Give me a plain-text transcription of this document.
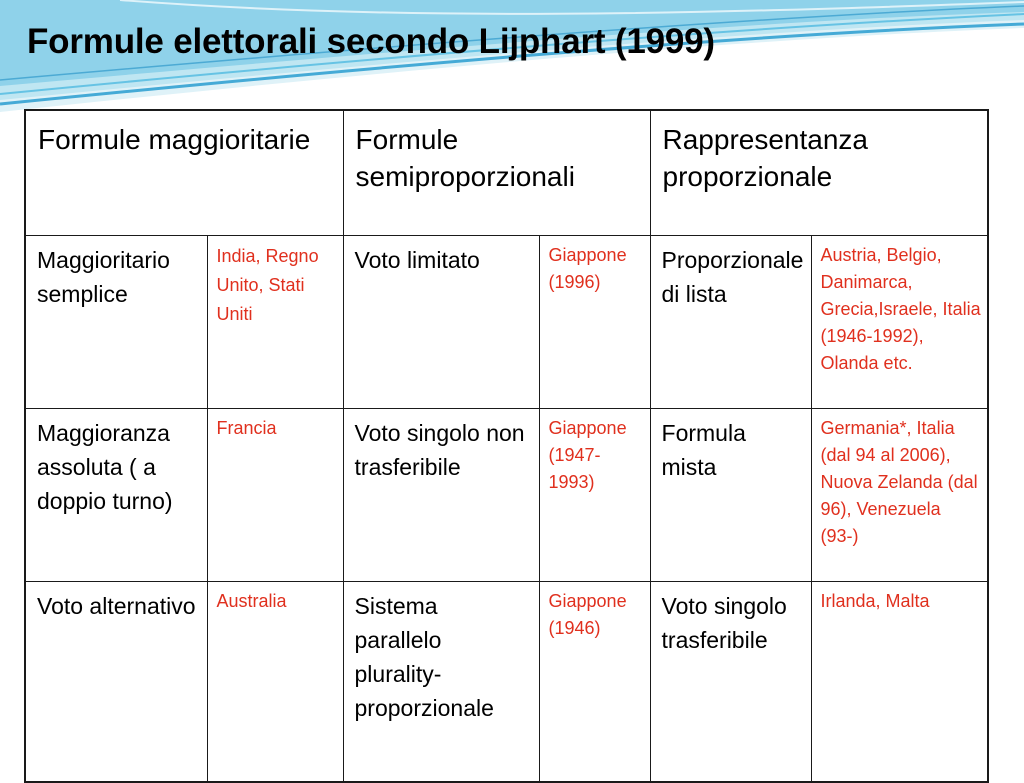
Formule elettorali secondo Lijphart (1999)
Formule maggioritarie		Formule semiproporzionali		Rappresentanza proporzionale	
Maggioritario semplice	India, Regno Unito, Stati Uniti	Voto limitato	Giappone (1996)	Proporzionale di lista	Austria, Belgio, Danimarca, Grecia,Israele, Italia (1946-1992), Olanda etc.
Maggioranza assoluta ( a doppio turno)	Francia	Voto singolo non trasferibile	Giappone (1947-1993)	Formula mista	Germania*, Italia (dal 94 al 2006), Nuova Zelanda (dal 96), Venezuela (93-)
Voto alternativo	Australia	Sistema parallelo plurality-proporzionale	Giappone (1946)	Voto singolo trasferibile	Irlanda, Malta
